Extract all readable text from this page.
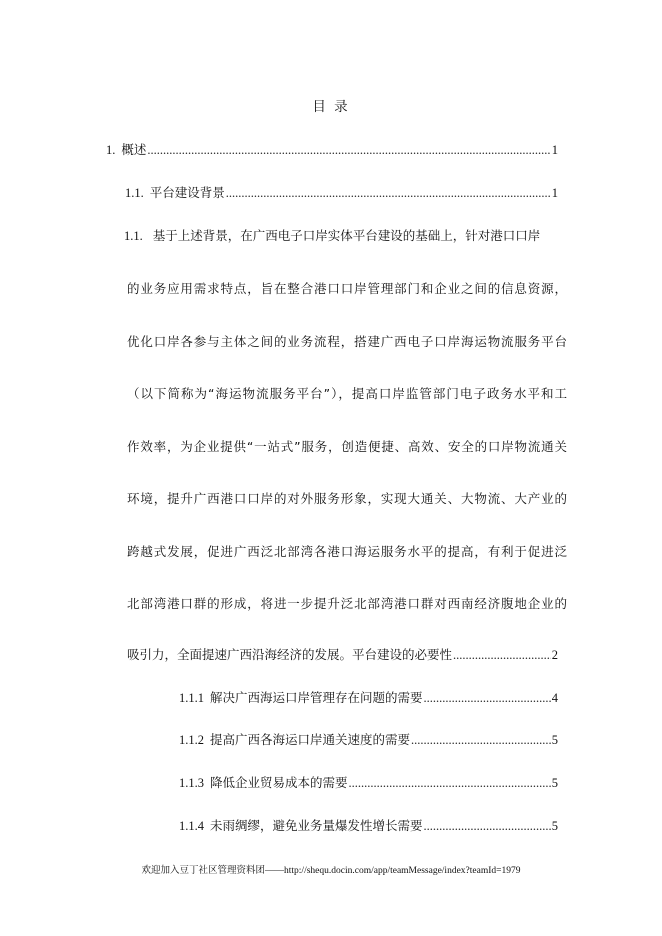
目 录
1. 概述 .....	1
1.1. 平台建设背景 .....	1
1.1. 基于上述背景，在广西电子口岸实体平台建设的基础上，针对港口口岸
的业务应用需求特点，旨在整合港口口岸管理部门和企业之间的信息资源，
优化口岸各参与主体之间的业务流程，搭建广西电子口岸海运物流服务平台
（以下简称为“海运物流服务平台”），提高口岸监管部门电子政务水平和工
作效率，为企业提供“一站式”服务，创造便捷、高效、安全的口岸物流通关
环境，提升广西港口口岸的对外服务形象，实现大通关、大物流、大产业的
跨越式发展，促进广西泛北部湾各港口海运服务水平的提高，有利于促进泛
北部湾港口群的形成，将进一步提升泛北部湾港口群对西南经济腹地企业的
吸引力，全面提速广西沿海经济的发展。平台建设的必要性 .....	2
1.1.1 解决广西海运口岸管理存在问题的需要 .....	4
1.1.2 提高广西各海运口岸通关速度的需要 .....	5
1.1.3 降低企业贸易成本的需要 .....	5
1.1.4 未雨绸缪，避免业务量爆发性增长需要 .....	5
欢迎加入豆丁社区管理资料团——http://shequ.docin.com/app/teamMessage/index?teamId=1979
